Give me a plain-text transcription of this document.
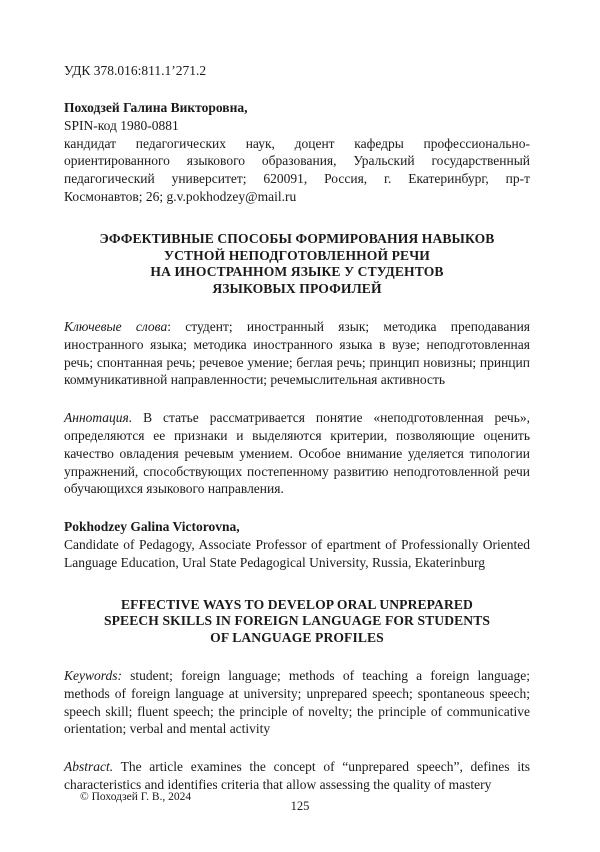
УДК 378.016:811.1’271.2

Походзей Галина Викторовна,

SPIN-код 1980-0881

кандидат педагогических наук, доцент кафедры профессионально-ориентированного языкового образования, Уральский государственный педагогический университет; 620091, Россия, г. Екатеринбург, пр-т Космонавтов; 26; g.v.pokhodzey@mail.ru

ЭФФЕКТИВНЫЕ СПОСОБЫ ФОРМИРОВАНИЯ НАВЫКОВ
УСТНОЙ НЕПОДГОТОВЛЕННОЙ РЕЧИ
НА ИНОСТРАННОМ ЯЗЫКЕ У СТУДЕНТОВ
ЯЗЫКОВЫХ ПРОФИЛЕЙ

Ключевые слова: студент; иностранный язык; методика преподавания иностранного языка; методика иностранного языка в вузе; неподготовленная речь; спонтанная речь; речевое умение; беглая речь; принцип новизны; принцип коммуникативной направленности; речемыслительная активность

Аннотация. В статье рассматривается понятие «неподготовленная речь», определяются ее признаки и выделяются критерии, позволяющие оценить качество овладения речевым умением. Особое внимание уделяется типологии упражнений, способствующих постепенному развитию неподготовленной речи обучающихся языкового направления.

Pokhodzey Galina Victorovna,

Candidate of Pedagogy, Associate Professor of epartment of Professionally Oriented Language Education, Ural State Pedagogical University, Russia, Ekaterinburg

EFFECTIVE WAYS TO DEVELOP ORAL UNPREPARED
SPEECH SKILLS IN FOREIGN LANGUAGE FOR STUDENTS
OF LANGUAGE PROFILES

Keywords: student; foreign language; methods of teaching a foreign language; methods of foreign language at university; unprepared speech; spontaneous speech; speech skill; fluent speech; the principle of novelty; the principle of communicative orientation; verbal and mental activity

Abstract. The article examines the concept of “unprepared speech”, defines its characteristics and identifies criteria that allow assessing the quality of mastery

© Походзей Г. В., 2024
125
